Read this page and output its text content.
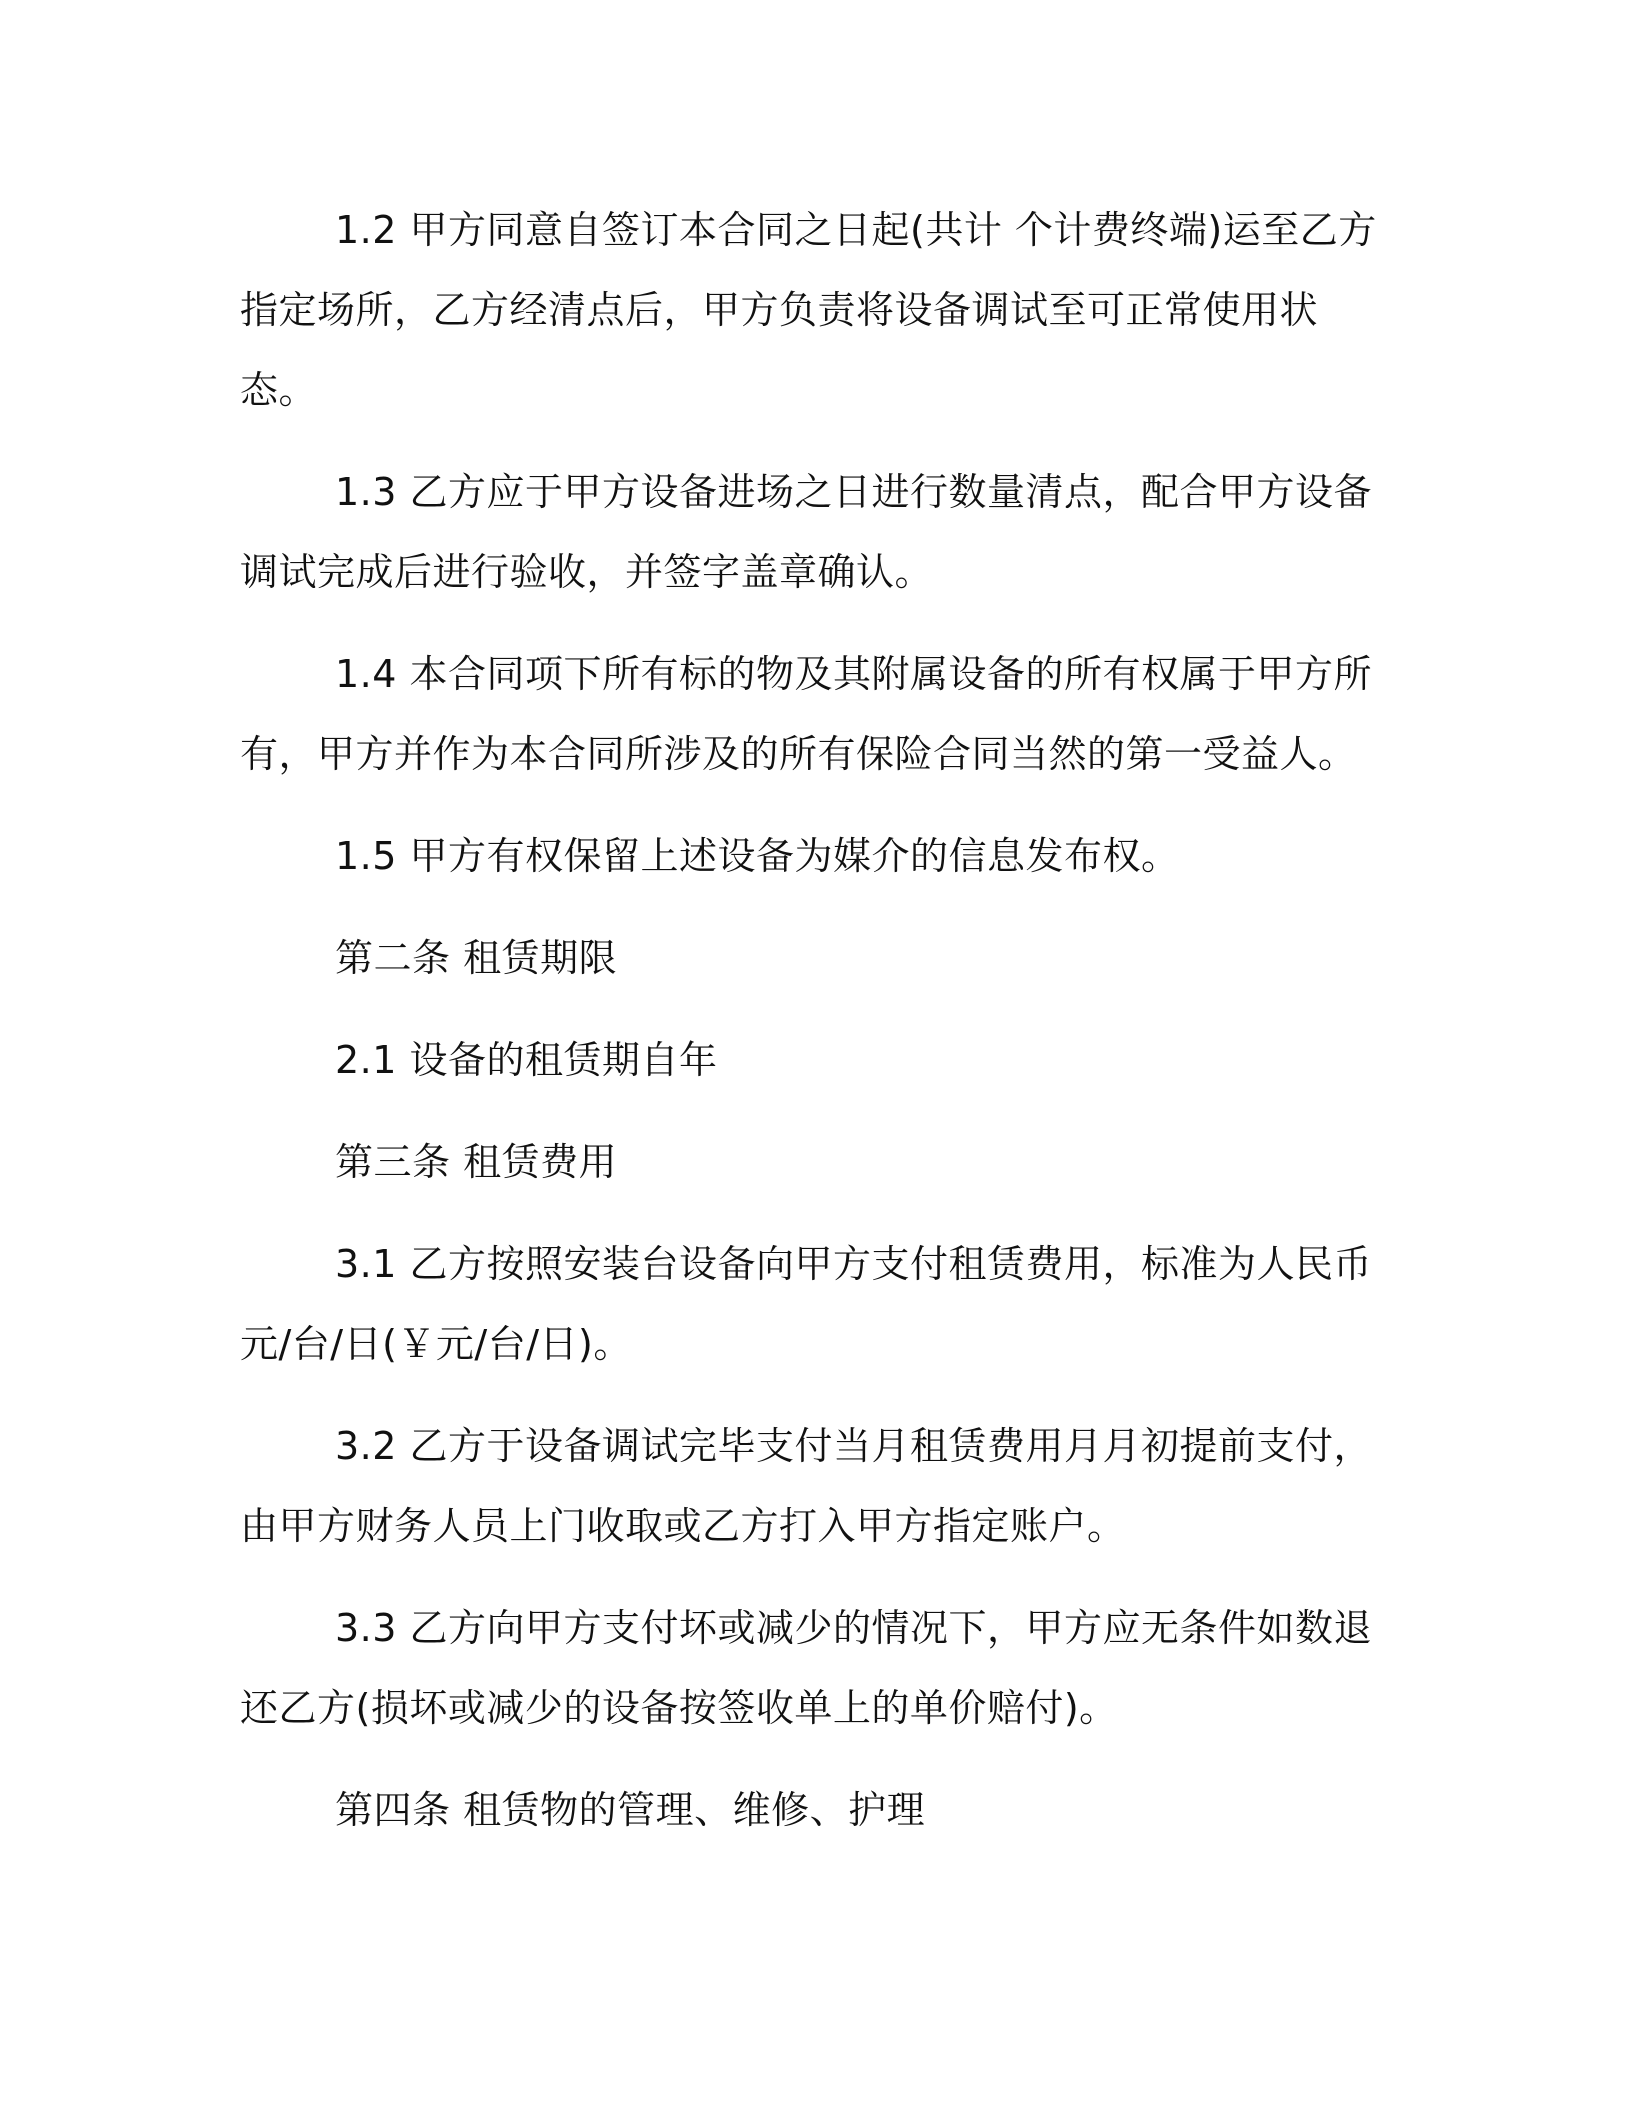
1.2 甲方同意自签订本合同之日起(共计 个计费终端)运至乙方指定场所，乙方经清点后，甲方负责将设备调试至可正常使用状态。

1.3 乙方应于甲方设备进场之日进行数量清点，配合甲方设备调试完成后进行验收，并签字盖章确认。

1.4 本合同项下所有标的物及其附属设备的所有权属于甲方所有，甲方并作为本合同所涉及的所有保险合同当然的第一受益人。

1.5 甲方有权保留上述设备为媒介的信息发布权。

第二条 租赁期限

2.1 设备的租赁期自年

第三条 租赁费用

3.1 乙方按照安装台设备向甲方支付租赁费用，标准为人民币元/台/日(￥元/台/日)。

3.2 乙方于设备调试完毕支付当月租赁费用月月初提前支付，由甲方财务人员上门收取或乙方打入甲方指定账户。

3.3 乙方向甲方支付坏或减少的情况下，甲方应无条件如数退还乙方(损坏或减少的设备按签收单上的单价赔付)。

第四条 租赁物的管理、维修、护理
